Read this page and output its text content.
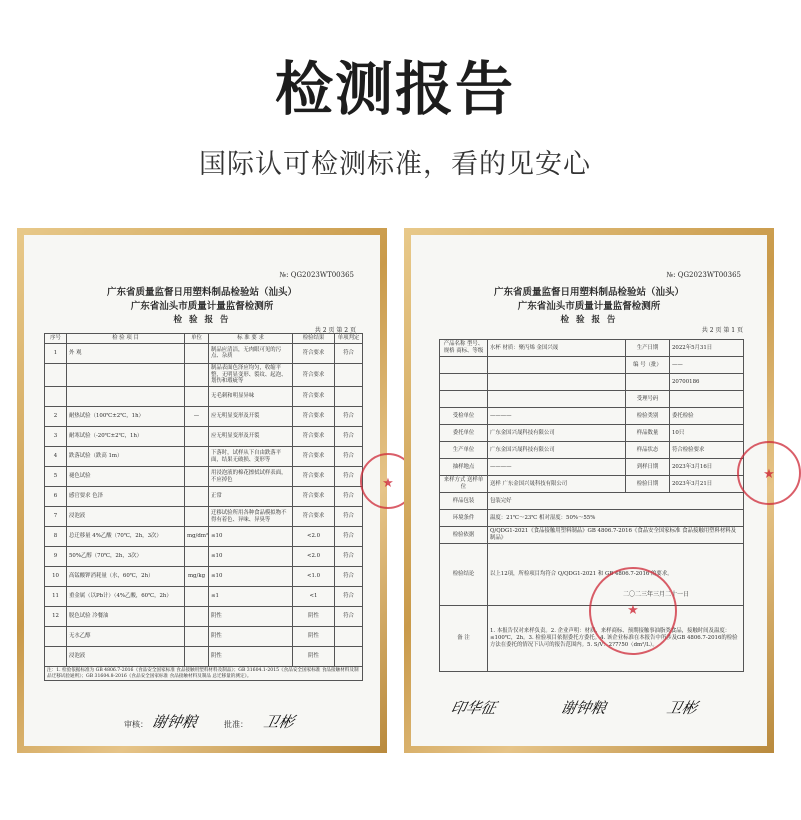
检测报告
国际认可检测标准，看的见安心
№: QG2023WT00365
广东省质量监督日用塑料制品检验站（汕头）
广东省汕头市质量计量监督检测所
检 验 报 告
共 2 页 第 2 页
序号	检 验 项 目	单位	标 准 要 求	检验结果	单项判定
1	外 观		制品应清洁，无肉眼可见的污点、杂质	符合要求	符合
			制品表面色泽应均匀，收缩平整，无明显变形、裂纹、起泡、划伤和瑕疵等	符合要求	
			无毛刺和明显异味	符合要求	
2	耐热试验（100℃±2℃，1h）	—	应无明显变形及开裂	符合要求	符合
3	耐寒试验（-20℃±2℃，1h）		应无明显变形及开裂	符合要求	符合
4	跌落试验（跌高 1m）		下落时，试样从下自由跌落平面，结果无破损、变形等	符合要求	符合
5	褪色试验		用浸泡液的棉花擦拭试样表面，不应掉色	符合要求	符合
6	感官要求 色泽		正常	符合要求	符合
7	浸泡液		迁移试验所用各种食品模拟物不得有着色、异味、异臭等	符合要求	符合
8	总迁移量 4%乙酸（70℃，2h，3次）	mg/dm²	≤10	<2.0	符合
9	50%乙醇（70℃，2h，3次）		≤10	<2.0	符合
10	高锰酸钾消耗量（水，60℃，2h）	mg/kg	≤10	<1.0	符合
11	重金属（以Pb计）（4%乙酸，60℃，2h）		≤1	<1	符合
12	脱色试验 冷餐油		阴性	阴性	符合
	无水乙醇		阴性	阴性	
	浸泡液		阴性	阴性	
注：1. 检验依据标准为 GB 4806.7-2016《食品安全国家标准 食品接触用塑料材料及制品》；GB 31604.1-2015《食品安全国家标准 食品接触材料及制品迁移试验通则》；GB 31604.8-2016《食品安全国家标准 食品接触材料及制品 总迁移量的测定》。					
审核： 谢钟粮	批准： 卫彬
★
№: QG2023WT00365
广东省质量监督日用塑料制品检验站（汕头）
广东省汕头市质量计量监督检测所
检 验 报 告
共 2 页 第 1 页
产品名称 型号、规格 商标、等级	水杯 材质：聚丙烯 金国兴晟	生产日期	2022年5月31日
		编 号（批）	——
			20700186
		受理号码	
受检单位	————	检验类别	委托检验
委托单位	广东金国兴晟科技有限公司	样品数量	10只
生产单位	广东金国兴晟科技有限公司	样品状态	符合检验要求
抽样地点	————	到样日期	2023年3月16日
来样方式 送样单位	送样 广东金国兴晟科技有限公司	检验日期	2023年3月21日
样品包装	包装完好		
环境条件	温度：21℃～23℃ 相对湿度：50%～55%		
检验依据	Q/QDG1-2021《食品接触用塑料制品》GB 4806.7-2016《食品安全国家标准 食品接触用塑料材料及制品》		
检验结论	以上12项，所检项目均符合 Q/QDG1-2021 和 GB 4806.7-2016 的要求。		
备 注	1. 本报告仅对来样负责。2. 企业声明：材质、来样商标、预期接触事油脂类食品，接触时间及温度：≤100℃，2h。3. 检验项目依据委托方委托。4. 该企业标准在本报告中所涉及GB 4806.7-2016的检验方法在委托的情况下认可的报告范围内。5. S/V：2?7?50（dm²/L）。		
二〇二三年三月二十一日
印华征	谢钟粮	卫彬
★
★
